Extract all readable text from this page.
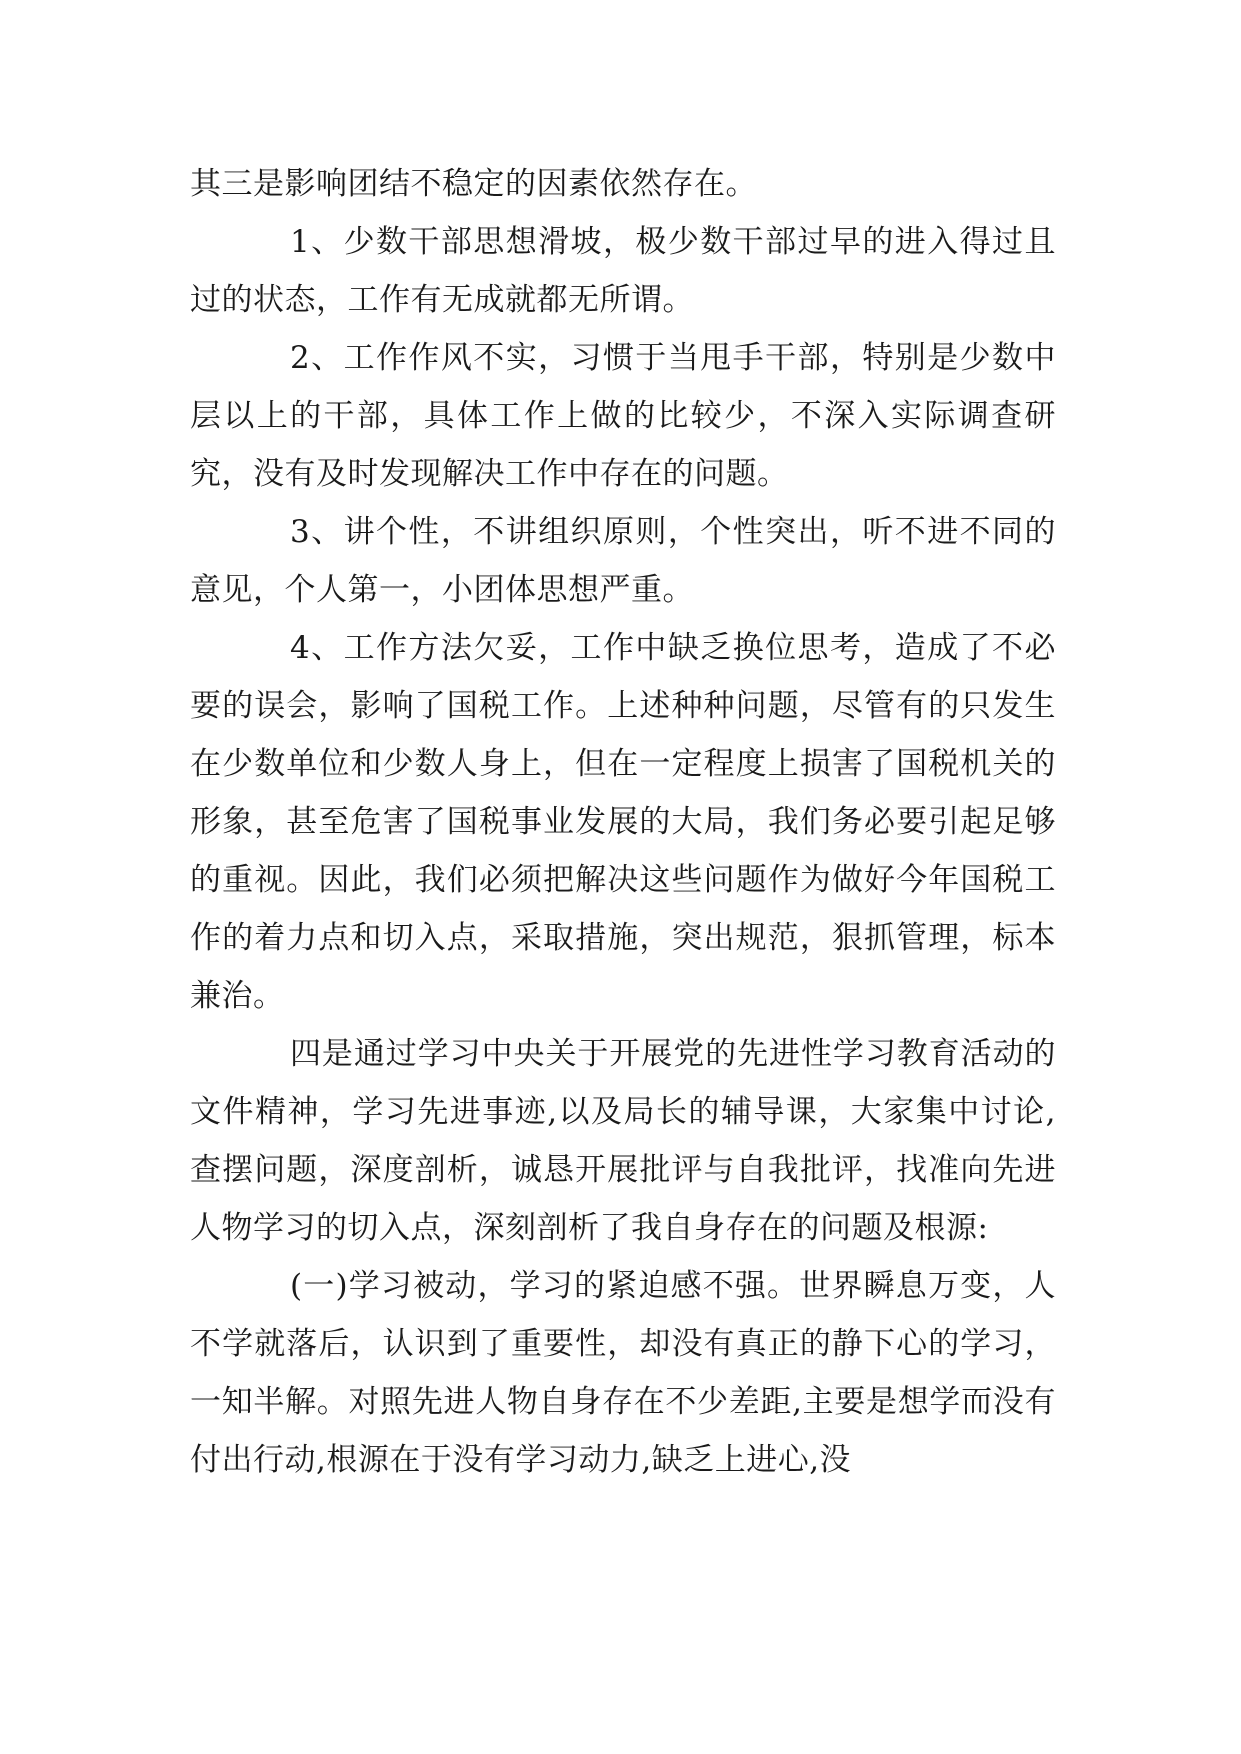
其三是影响团结不稳定的因素依然存在。

1、少数干部思想滑坡，极少数干部过早的进入得过且过的状态，工作有无成就都无所谓。

2、工作作风不实，习惯于当甩手干部，特别是少数中层以上的干部，具体工作上做的比较少，不深入实际调查研究，没有及时发现解决工作中存在的问题。

3、讲个性，不讲组织原则，个性突出，听不进不同的意见，个人第一，小团体思想严重。

4、工作方法欠妥，工作中缺乏换位思考，造成了不必要的误会，影响了国税工作。上述种种问题，尽管有的只发生在少数单位和少数人身上，但在一定程度上损害了国税机关的形象，甚至危害了国税事业发展的大局，我们务必要引起足够的重视。因此，我们必须把解决这些问题作为做好今年国税工作的着力点和切入点，采取措施，突出规范，狠抓管理，标本兼治。

四是通过学习中央关于开展党的先进性学习教育活动的文件精神，学习先进事迹,以及局长的辅导课，大家集中讨论,查摆问题，深度剖析，诚恳开展批评与自我批评，找准向先进人物学习的切入点，深刻剖析了我自身存在的问题及根源:

(一)学习被动，学习的紧迫感不强。世界瞬息万变，人不学就落后，认识到了重要性，却没有真正的静下心的学习，一知半解。对照先进人物自身存在不少差距,主要是想学而没有付出行动,根源在于没有学习动力,缺乏上进心,没
